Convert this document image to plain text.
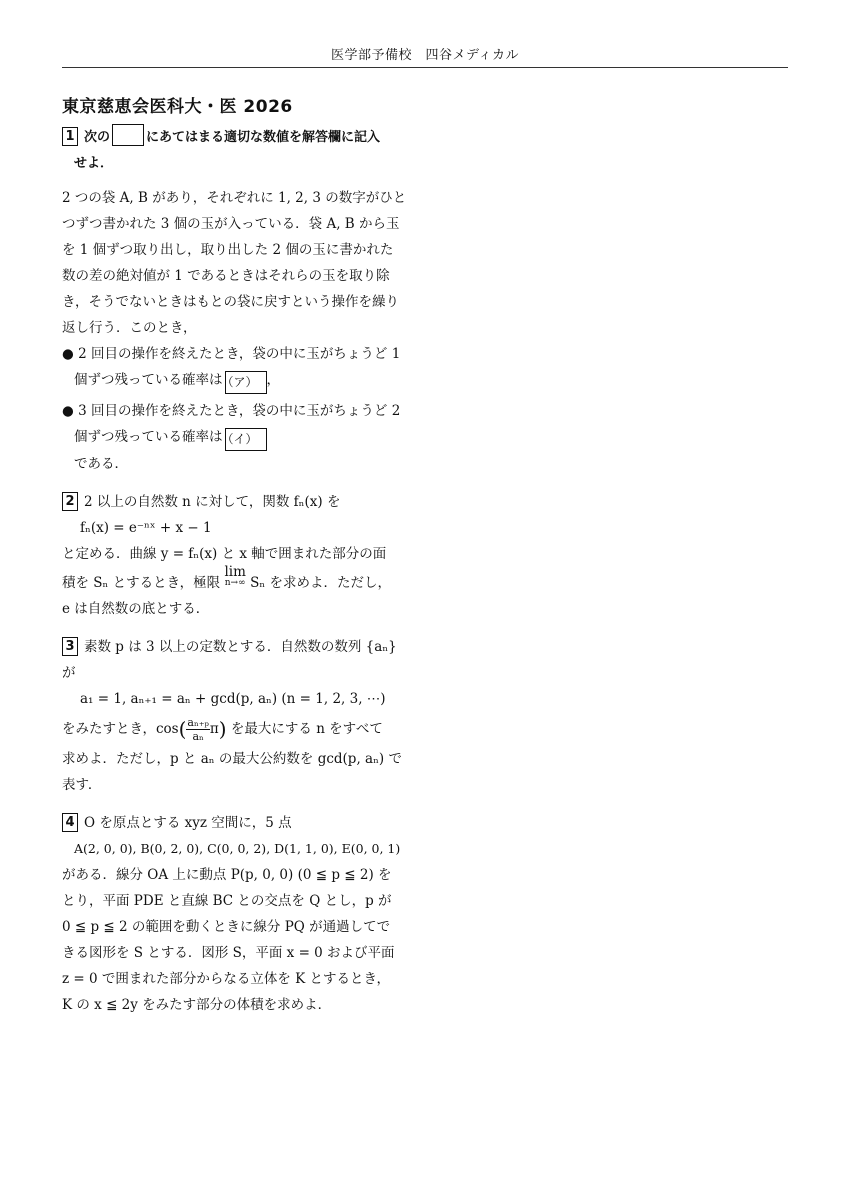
医学部予備校　四谷メディカル
東京慈恵会医科大・医 2026
1 次の	にあてはまる適切な数値を解答欄に記入
せよ．
2 つの袋 A, B があり，それぞれに 1, 2, 3 の数字がひと
つずつ書かれた 3 個の玉が入っている．袋 A, B から玉
を 1 個ずつ取り出し，取り出した 2 個の玉に書かれた
数の差の絶対値が 1 であるときはそれらの玉を取り除
き，そうでないときはもとの袋に戻すという操作を繰り
返し行う．このとき，
● 2 回目の操作を終えたとき，袋の中に玉がちょうど 1
個ずつ残っている確率は（ア） ，
● 3 回目の操作を終えたとき，袋の中に玉がちょうど 2
個ずつ残っている確率は（イ）
である．
2 2 以上の自然数 n に対して，関数 fₙ(x) を
fₙ(x) = e⁻ⁿˣ + x − 1
と定める．曲線 y = fₙ(x) と x 軸で囲まれた部分の面
積を Sₙ とするとき，極限 lim
n→∞ Sₙ を求めよ．ただし，
e は自然数の底とする．
3 素数 p は 3 以上の定数とする．自然数の数列 {aₙ}
が
a₁ = 1, aₙ₊₁ = aₙ + gcd(p, aₙ) (n = 1, 2, 3, ⋯)
をみたすとき，$\cos( \frac{\text{aₙ₊ₚ}}{\text{aₙ}} \pi)$ を最大にする n をすべて
求めよ．ただし，p と aₙ の最大公約数を gcd(p, aₙ) で
表す．
4 O を原点とする xyz 空間に，5 点
A(2, 0, 0), B(0, 2, 0), C(0, 0, 2), D(1, 1, 0), E(0, 0, 1)
がある．線分 OA 上に動点 P(p, 0, 0) (0 ≦ p ≦ 2) を
とり，平面 PDE と直線 BC との交点を Q とし，p が
0 ≦ p ≦ 2 の範囲を動くときに線分 PQ が通過してで
きる図形を S とする．図形 S，平面 x = 0 および平面
z = 0 で囲まれた部分からなる立体を K とするとき，
K の x ≦ 2y をみたす部分の体積を求めよ．
